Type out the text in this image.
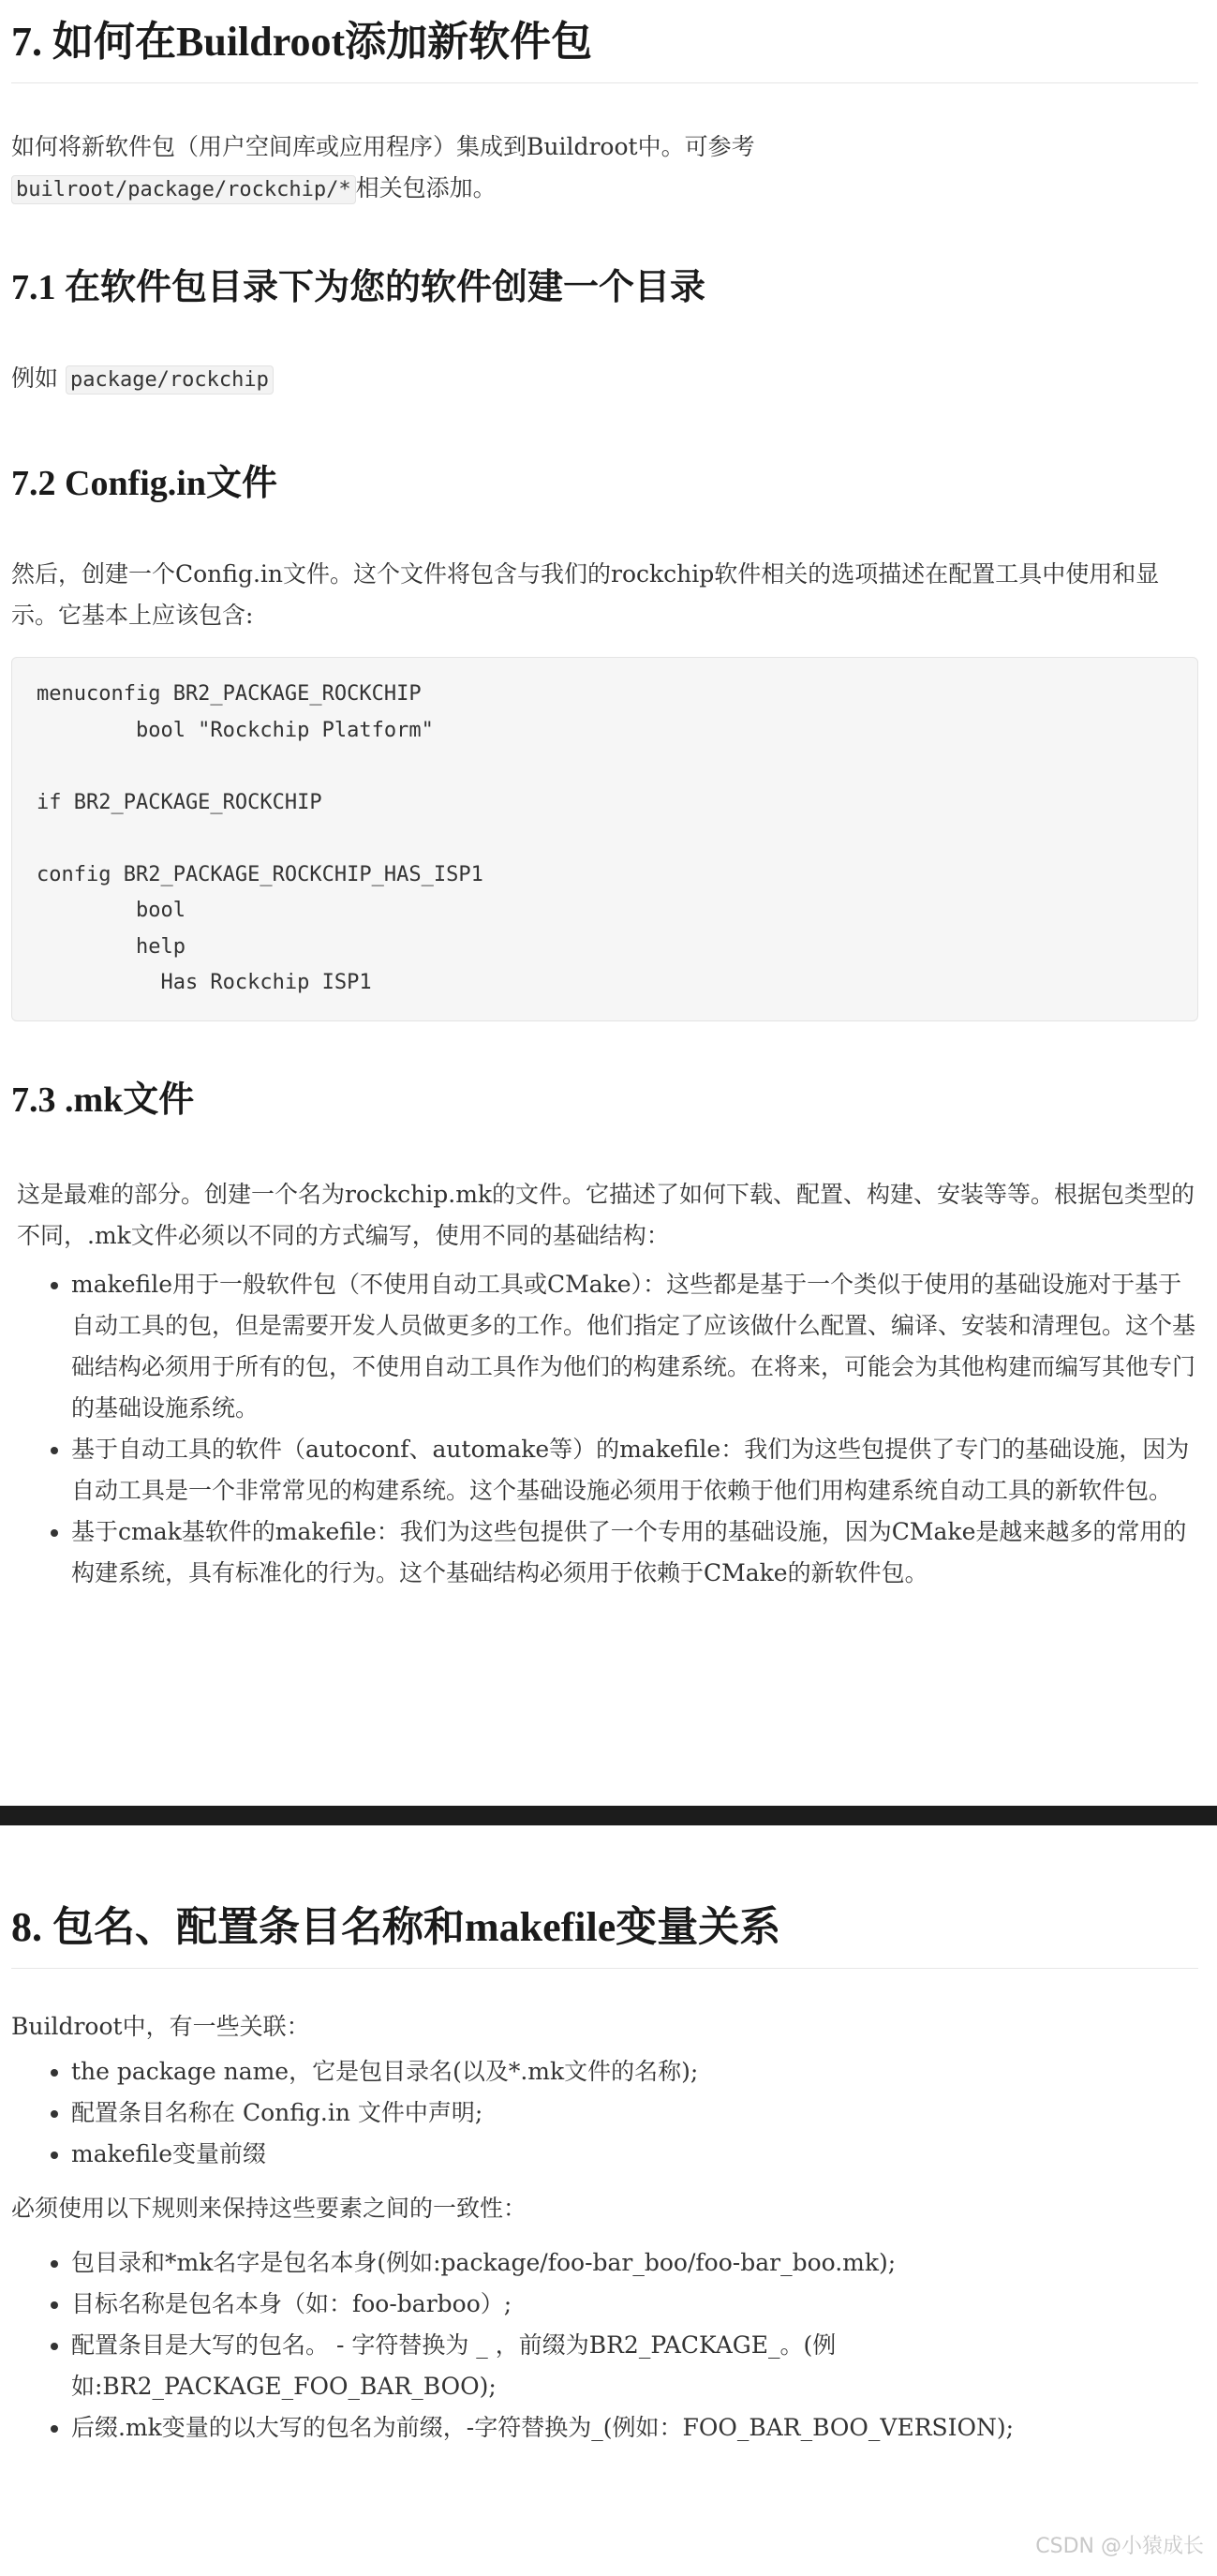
7. 如何在Buildroot添加新软件包

如何将新软件包（用户空间库或应用程序）集成到Buildroot中。可参考
builroot/package/rockchip/* 相关包添加。

7.1 在软件包目录下为您的软件创建一个目录

例如 package/rockchip

7.2 Config.in文件

然后，创建一个Config.in文件。这个文件将包含与我们的rockchip软件相关的选项描述在配置工具中使用和显示。它基本上应该包含:

menuconfig BR2_PACKAGE_ROCKCHIP
bool "Rockchip Platform"

if BR2_PACKAGE_ROCKCHIP

config BR2_PACKAGE_ROCKCHIP_HAS_ISP1
bool
help
Has Rockchip ISP1
7.3 .mk文件

这是最难的部分。创建一个名为rockchip.mk的文件。它描述了如何下载、配置、构建、安装等等。根据包类型的不同，.mk文件必须以不同的方式编写，使用不同的基础结构：

• makefile用于一般软件包（不使用自动工具或CMake）：这些都是基于一个类似于使用的基础设施对于基于自动工具的包，但是需要开发人员做更多的工作。他们指定了应该做什么配置、编译、安装和清理包。这个基础结构必须用于所有的包，不使用自动工具作为他们的构建系统。在将来，可能会为其他构建而编写其他专门的基础设施系统。
• 基于自动工具的软件（autoconf、automake等）的makefile：我们为这些包提供了专门的基础设施，因为自动工具是一个非常常见的构建系统。这个基础设施必须用于依赖于他们用构建系统自动工具的新软件包。
• 基于cmak基软件的makefile：我们为这些包提供了一个专用的基础设施，因为CMake是越来越多的常用的构建系统，具有标准化的行为。这个基础结构必须用于依赖于CMake的新软件包。
8. 包名、配置条目名称和makefile变量关系

Buildroot中，有一些关联：

• the package name，它是包目录名(以及*.mk文件的名称);
• 配置条目名称在 Config.in 文件中声明;
• makefile变量前缀

必须使用以下规则来保持这些要素之间的一致性：

• 包目录和*mk名字是包名本身(例如:package/foo-bar_boo/foo-bar_boo.mk);
• 目标名称是包名本身（如：foo-barboo）;
• 配置条目是大写的包名。 - 字符替换为 _ ，前缀为BR2_PACKAGE_。(例如:BR2_PACKAGE_FOO_BAR_BOO);
• 后缀.mk变量的以大写的包名为前缀，-字符替换为_(例如：FOO_BAR_BOO_VERSION);
CSDN @小猿成长
